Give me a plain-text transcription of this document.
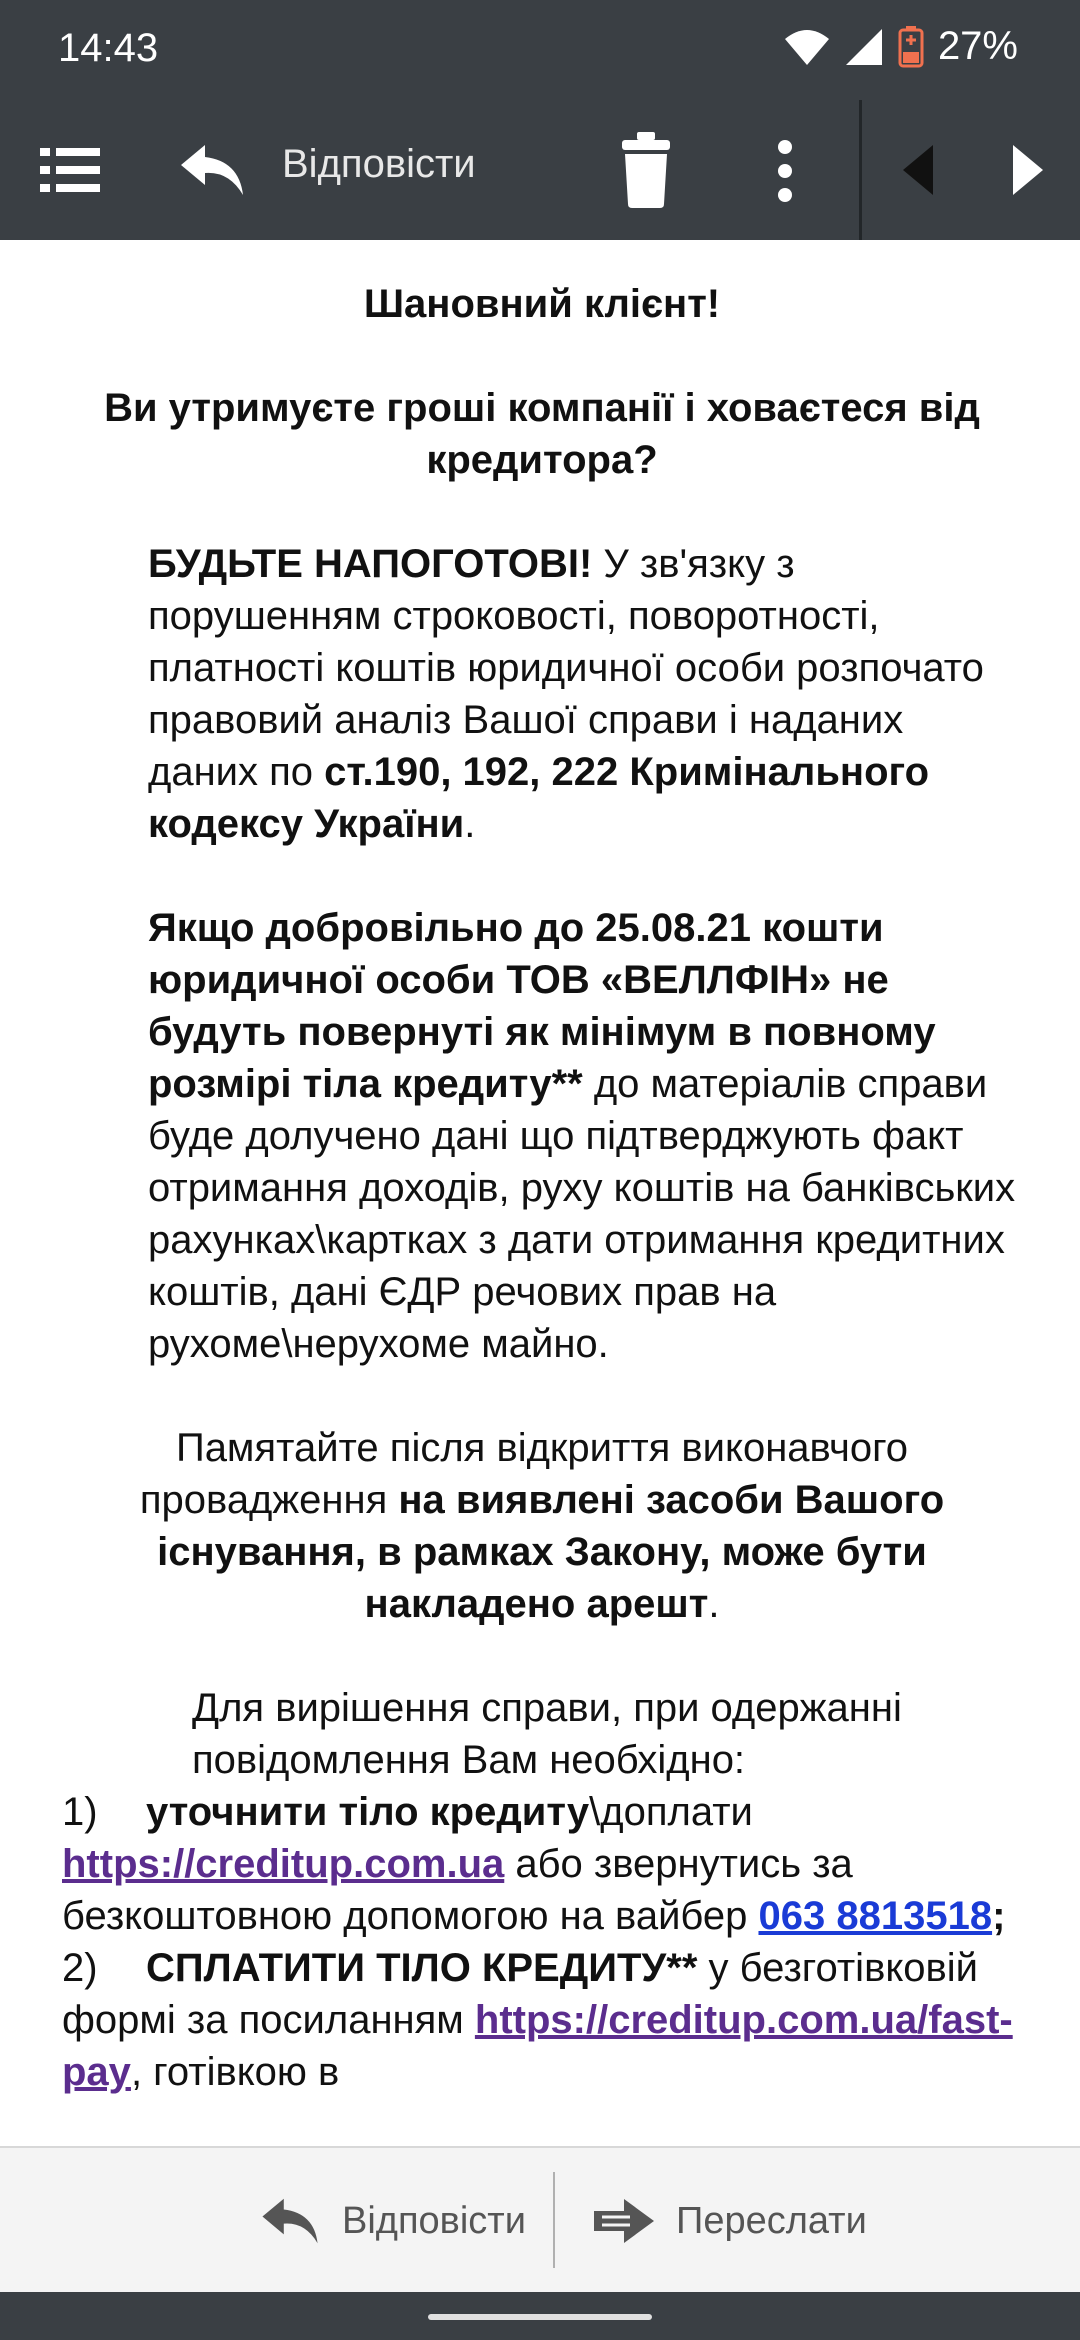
14:43	27%
Відповісти

Шановний клієнт!

Ви утримуєте гроші компанії і ховаєтеся від кредитора?

БУДЬТЕ НАПОГОТОВІ! У зв'язку з порушенням строковості, поворотності, платності коштів юридичної особи розпочато правовий аналіз Вашої справи і наданих даних по ст.190, 192, 222 Кримінального кодексу України.

Якщо добровільно до 25.08.21 кошти юридичної особи ТОВ «ВЕЛЛФІН» не будуть повернуті як мінімум в повному розмірі тіла кредиту** до матеріалів справи буде долучено дані що підтверджують факт отримання доходів, руху коштів на банківських рахунках\картках з дати отримання кредитних коштів, дані ЄДР речових прав на рухоме\нерухоме майно.

Памятайте після відкриття виконавчого провадження на виявлені засоби Вашого існування, в рамках Закону, може бути накладено арешт.

Для вирішення справи, при одержанні повідомлення Вам необхідно:

1) уточнити тіло кредиту\доплати https://creditup.com.ua або звернутись за безкоштовною допомогою на вайбер 063 8813518;

2) СПЛАТИТИ ТІЛО КРЕДИТУ** у безготівковій формі за посиланням https://creditup.com.ua/fast-pay, готівкою в

Відповісти	Переслати
